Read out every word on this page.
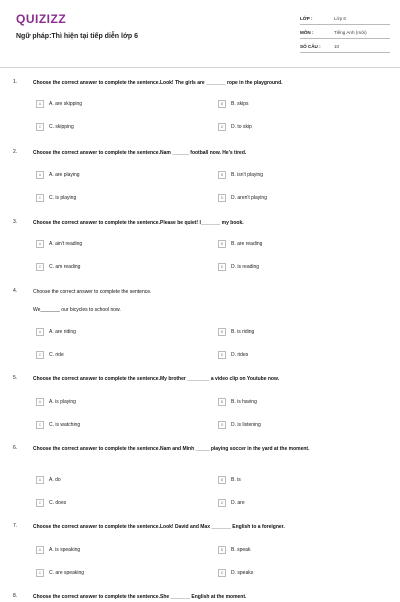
QUIZIZZ
Ngữ pháp:Thì hiện tại tiếp diễn lớp 6
LỚP :	Lớp 6
MÔN :	Tiếng Anh (mới)
SỐ CÂU :	10
1.	Choose the correct answer to complete the sentence.Look! The girls are _______ rope in the playground.
A	A. are skipping	B	B. skips
C	C. skipping	D	D. to skip
2.	Choose the correct answer to complete the sentence.Nam ______ football now. He's tired.
A	A. are playing	B	B. isn't playing
C	C. is playing	D	D. aren't playing
3.	Choose the correct answer to complete the sentence.Please be quiet! I_______ my book.
A	A. ain't reading	B	B. are reading
C	C. am reading	D	D. is reading
4.	Choose the correct answer to complete the sentence.
We_______ our bicycles to school now.
A	A. are riding	B	B. is riding
C	C. ride	D	D. rides
5.	Choose the correct answer to complete the sentence.My brother ________ a video clip on Youtube now.
A	A. is playing	B	B. is having
C	C. is watching	D	D. is listening
6.	Choose the correct answer to complete the sentence.Nam and Minh _____ playing soccer in the yard at the moment.
A	A. do	B	B. is
C	C. does	D	D. are
7.	Choose the correct answer to complete the sentence.Look! David and Max _______ English to a foreigner.
A	A. is speaking	B	B. speak
C	C. are speaking	D	D. speaks
8.	Choose the correct answer to complete the sentence.She _______ English at the moment.
